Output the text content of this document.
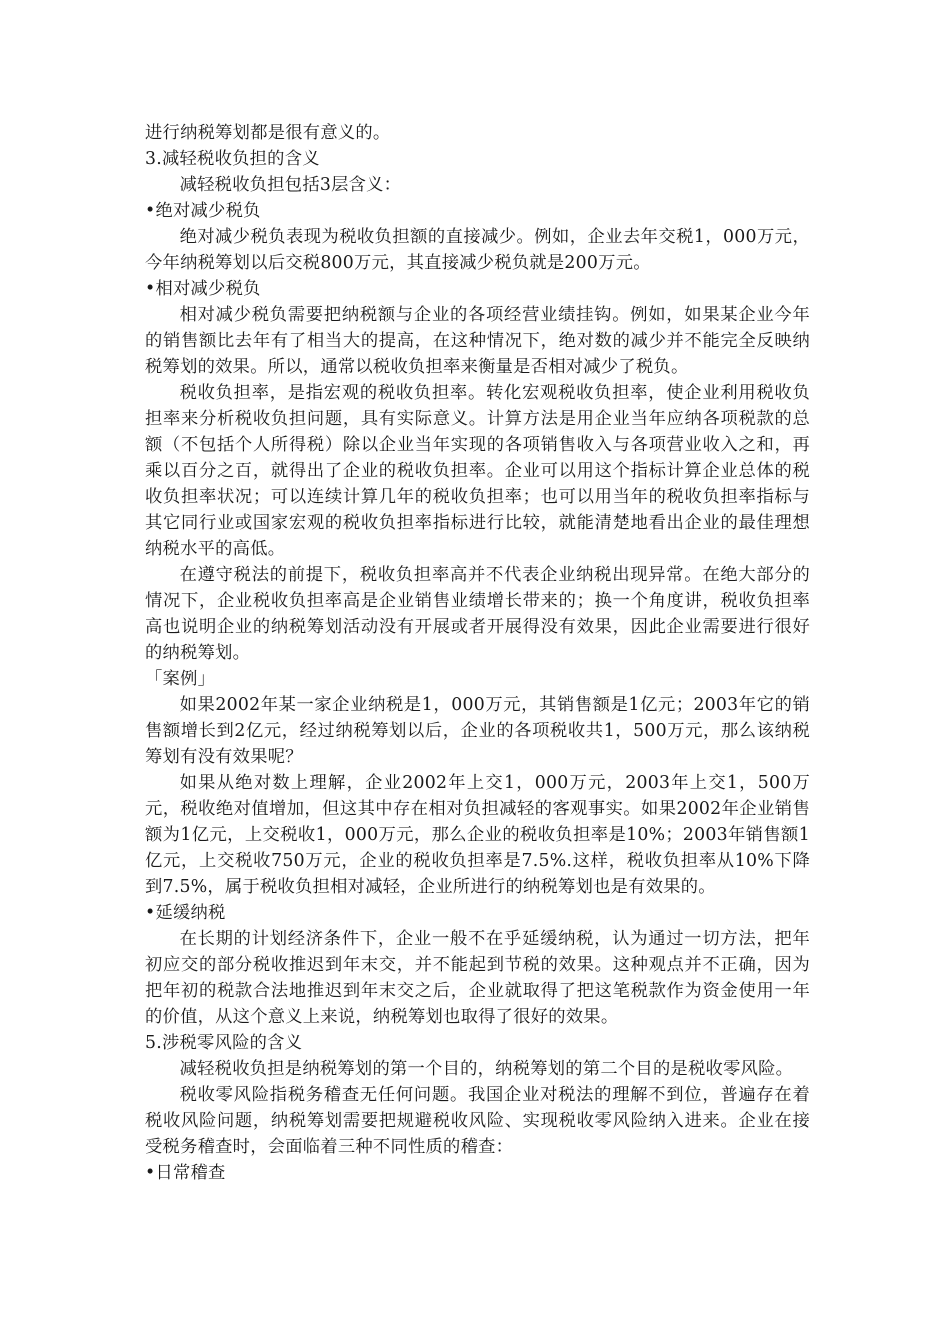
进行纳税筹划都是很有意义的。

3.减轻税收负担的含义

减轻税收负担包括3层含义：

•绝对减少税负

绝对减少税负表现为税收负担额的直接减少。例如，企业去年交税1，000万元，今年纳税筹划以后交税800万元，其直接减少税负就是200万元。

•相对减少税负

相对减少税负需要把纳税额与企业的各项经营业绩挂钩。例如，如果某企业今年的销售额比去年有了相当大的提高，在这种情况下，绝对数的减少并不能完全反映纳税筹划的效果。所以，通常以税收负担率来衡量是否相对减少了税负。

税收负担率，是指宏观的税收负担率。转化宏观税收负担率，使企业利用税收负担率来分析税收负担问题，具有实际意义。计算方法是用企业当年应纳各项税款的总额（不包括个人所得税）除以企业当年实现的各项销售收入与各项营业收入之和，再乘以百分之百，就得出了企业的税收负担率。企业可以用这个指标计算企业总体的税收负担率状况；可以连续计算几年的税收负担率；也可以用当年的税收负担率指标与其它同行业或国家宏观的税收负担率指标进行比较，就能清楚地看出企业的最佳理想纳税水平的高低。

在遵守税法的前提下，税收负担率高并不代表企业纳税出现异常。在绝大部分的情况下，企业税收负担率高是企业销售业绩增长带来的；换一个角度讲，税收负担率高也说明企业的纳税筹划活动没有开展或者开展得没有效果，因此企业需要进行很好的纳税筹划。

「案例」

如果2002年某一家企业纳税是1，000万元，其销售额是1亿元；2003年它的销售额增长到2亿元，经过纳税筹划以后，企业的各项税收共1，500万元，那么该纳税筹划有没有效果呢？

如果从绝对数上理解，企业2002年上交1，000万元，2003年上交1，500万元，税收绝对值增加，但这其中存在相对负担减轻的客观事实。如果2002年企业销售额为1亿元，上交税收1，000万元，那么企业的税收负担率是10%；2003年销售额1亿元，上交税收750万元，企业的税收负担率是7.5%.这样，税收负担率从10%下降到7.5%，属于税收负担相对减轻，企业所进行的纳税筹划也是有效果的。

•延缓纳税

在长期的计划经济条件下，企业一般不在乎延缓纳税，认为通过一切方法，把年初应交的部分税收推迟到年末交，并不能起到节税的效果。这种观点并不正确，因为把年初的税款合法地推迟到年末交之后，企业就取得了把这笔税款作为资金使用一年的价值，从这个意义上来说，纳税筹划也取得了很好的效果。

5.涉税零风险的含义

减轻税收负担是纳税筹划的第一个目的，纳税筹划的第二个目的是税收零风险。

税收零风险指税务稽查无任何问题。我国企业对税法的理解不到位，普遍存在着税收风险问题，纳税筹划需要把规避税收风险、实现税收零风险纳入进来。企业在接受税务稽查时，会面临着三种不同性质的稽查：

•日常稽查
